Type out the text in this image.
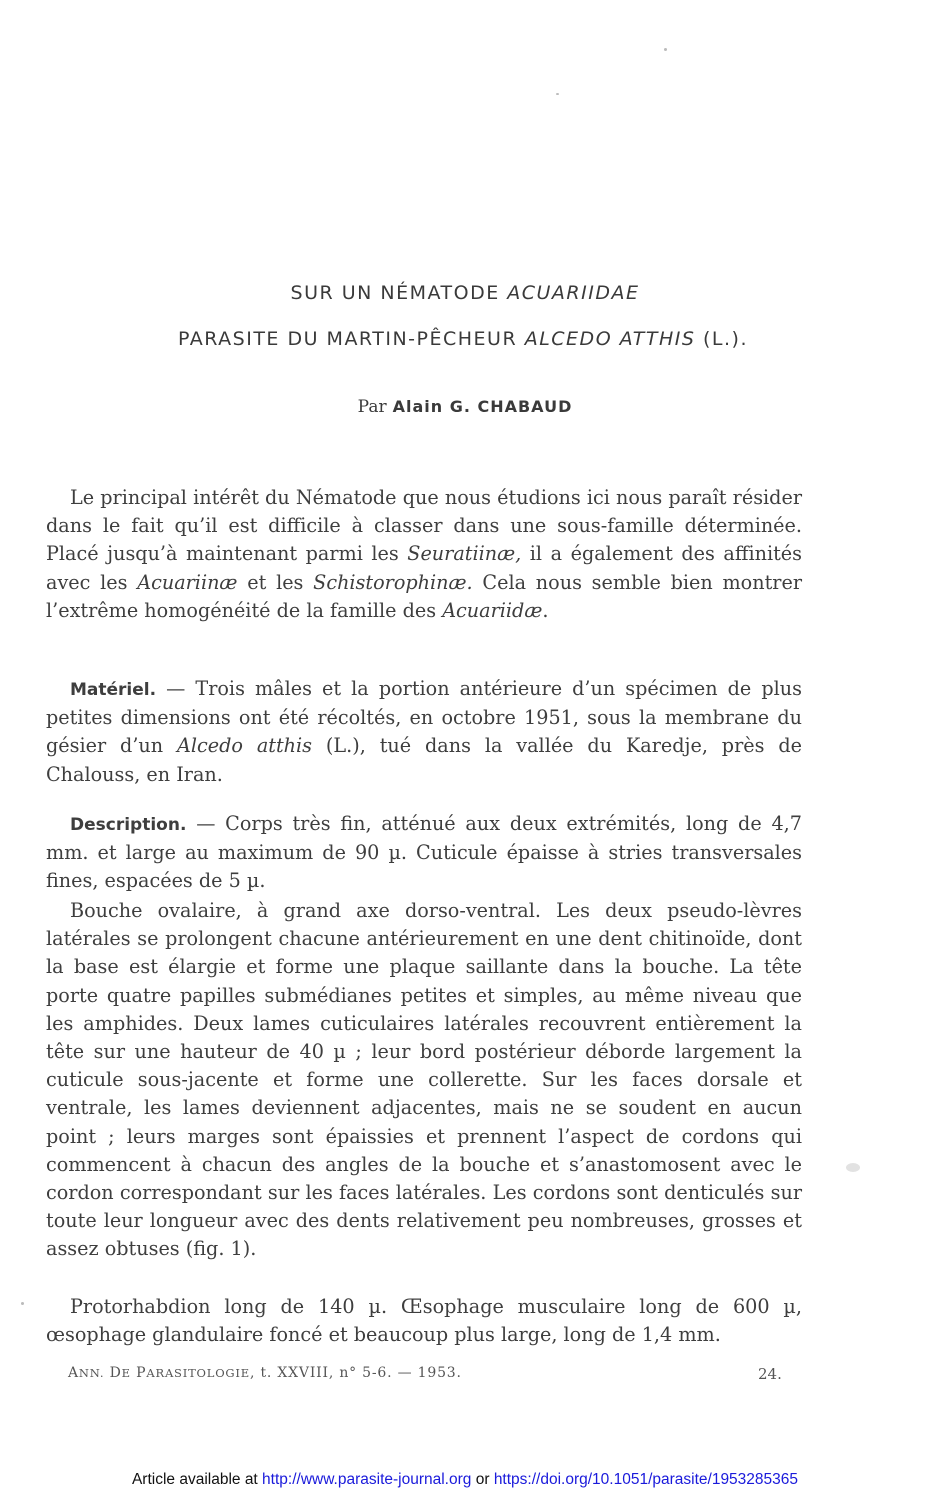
SUR UN NÉMATODE ACUARIIDAE
PARASITE DU MARTIN-PÊCHEUR ALCEDO ATTHIS (L.).
Par Alain G. CHABAUD

Le principal intérêt du Nématode que nous étudions ici nous paraît résider dans le fait qu’il est difficile à classer dans une sous-famille déterminée. Placé jusqu’à maintenant parmi les Seuratiinæ, il a également des affinités avec les Acuariinæ et les Schistorophinæ. Cela nous semble bien montrer l’extrême homogénéité de la famille des Acuariidæ.

Matériel. — Trois mâles et la portion antérieure d’un spécimen de plus petites dimensions ont été récoltés, en octobre 1951, sous la membrane du gésier d’un Alcedo atthis (L.), tué dans la vallée du Karedje, près de Chalouss, en Iran.

Description. — Corps très fin, atténué aux deux extrémités, long de 4,7 mm. et large au maximum de 90 µ. Cuticule épaisse à stries transversales fines, espacées de 5 µ.

Bouche ovalaire, à grand axe dorso-ventral. Les deux pseudo-lèvres latérales se prolongent chacune antérieurement en une dent chitinoïde, dont la base est élargie et forme une plaque saillante dans la bouche. La tête porte quatre papilles submédianes petites et simples, au même niveau que les amphides. Deux lames cuticulaires latérales recouvrent entièrement la tête sur une hauteur de 40 µ ; leur bord postérieur déborde largement la cuticule sous-jacente et forme une collerette. Sur les faces dorsale et ventrale, les lames deviennent adjacentes, mais ne se soudent en aucun point ; leurs marges sont épaissies et prennent l’aspect de cordons qui commencent à chacun des angles de la bouche et s’anastomosent avec le cordon correspondant sur les faces latérales. Les cordons sont denticulés sur toute leur longueur avec des dents relativement peu nombreuses, grosses et assez obtuses (fig. 1).

Protorhabdion long de 140 µ. Œsophage musculaire long de 600 µ, œsophage glandulaire foncé et beaucoup plus large, long de 1,4 mm.

ANN. DE PARASITOLOGIE, t. XXVIII, n° 5-6. — 1953.	24.
Article available at http://www.parasite-journal.org or https://doi.org/10.1051/parasite/1953285365
